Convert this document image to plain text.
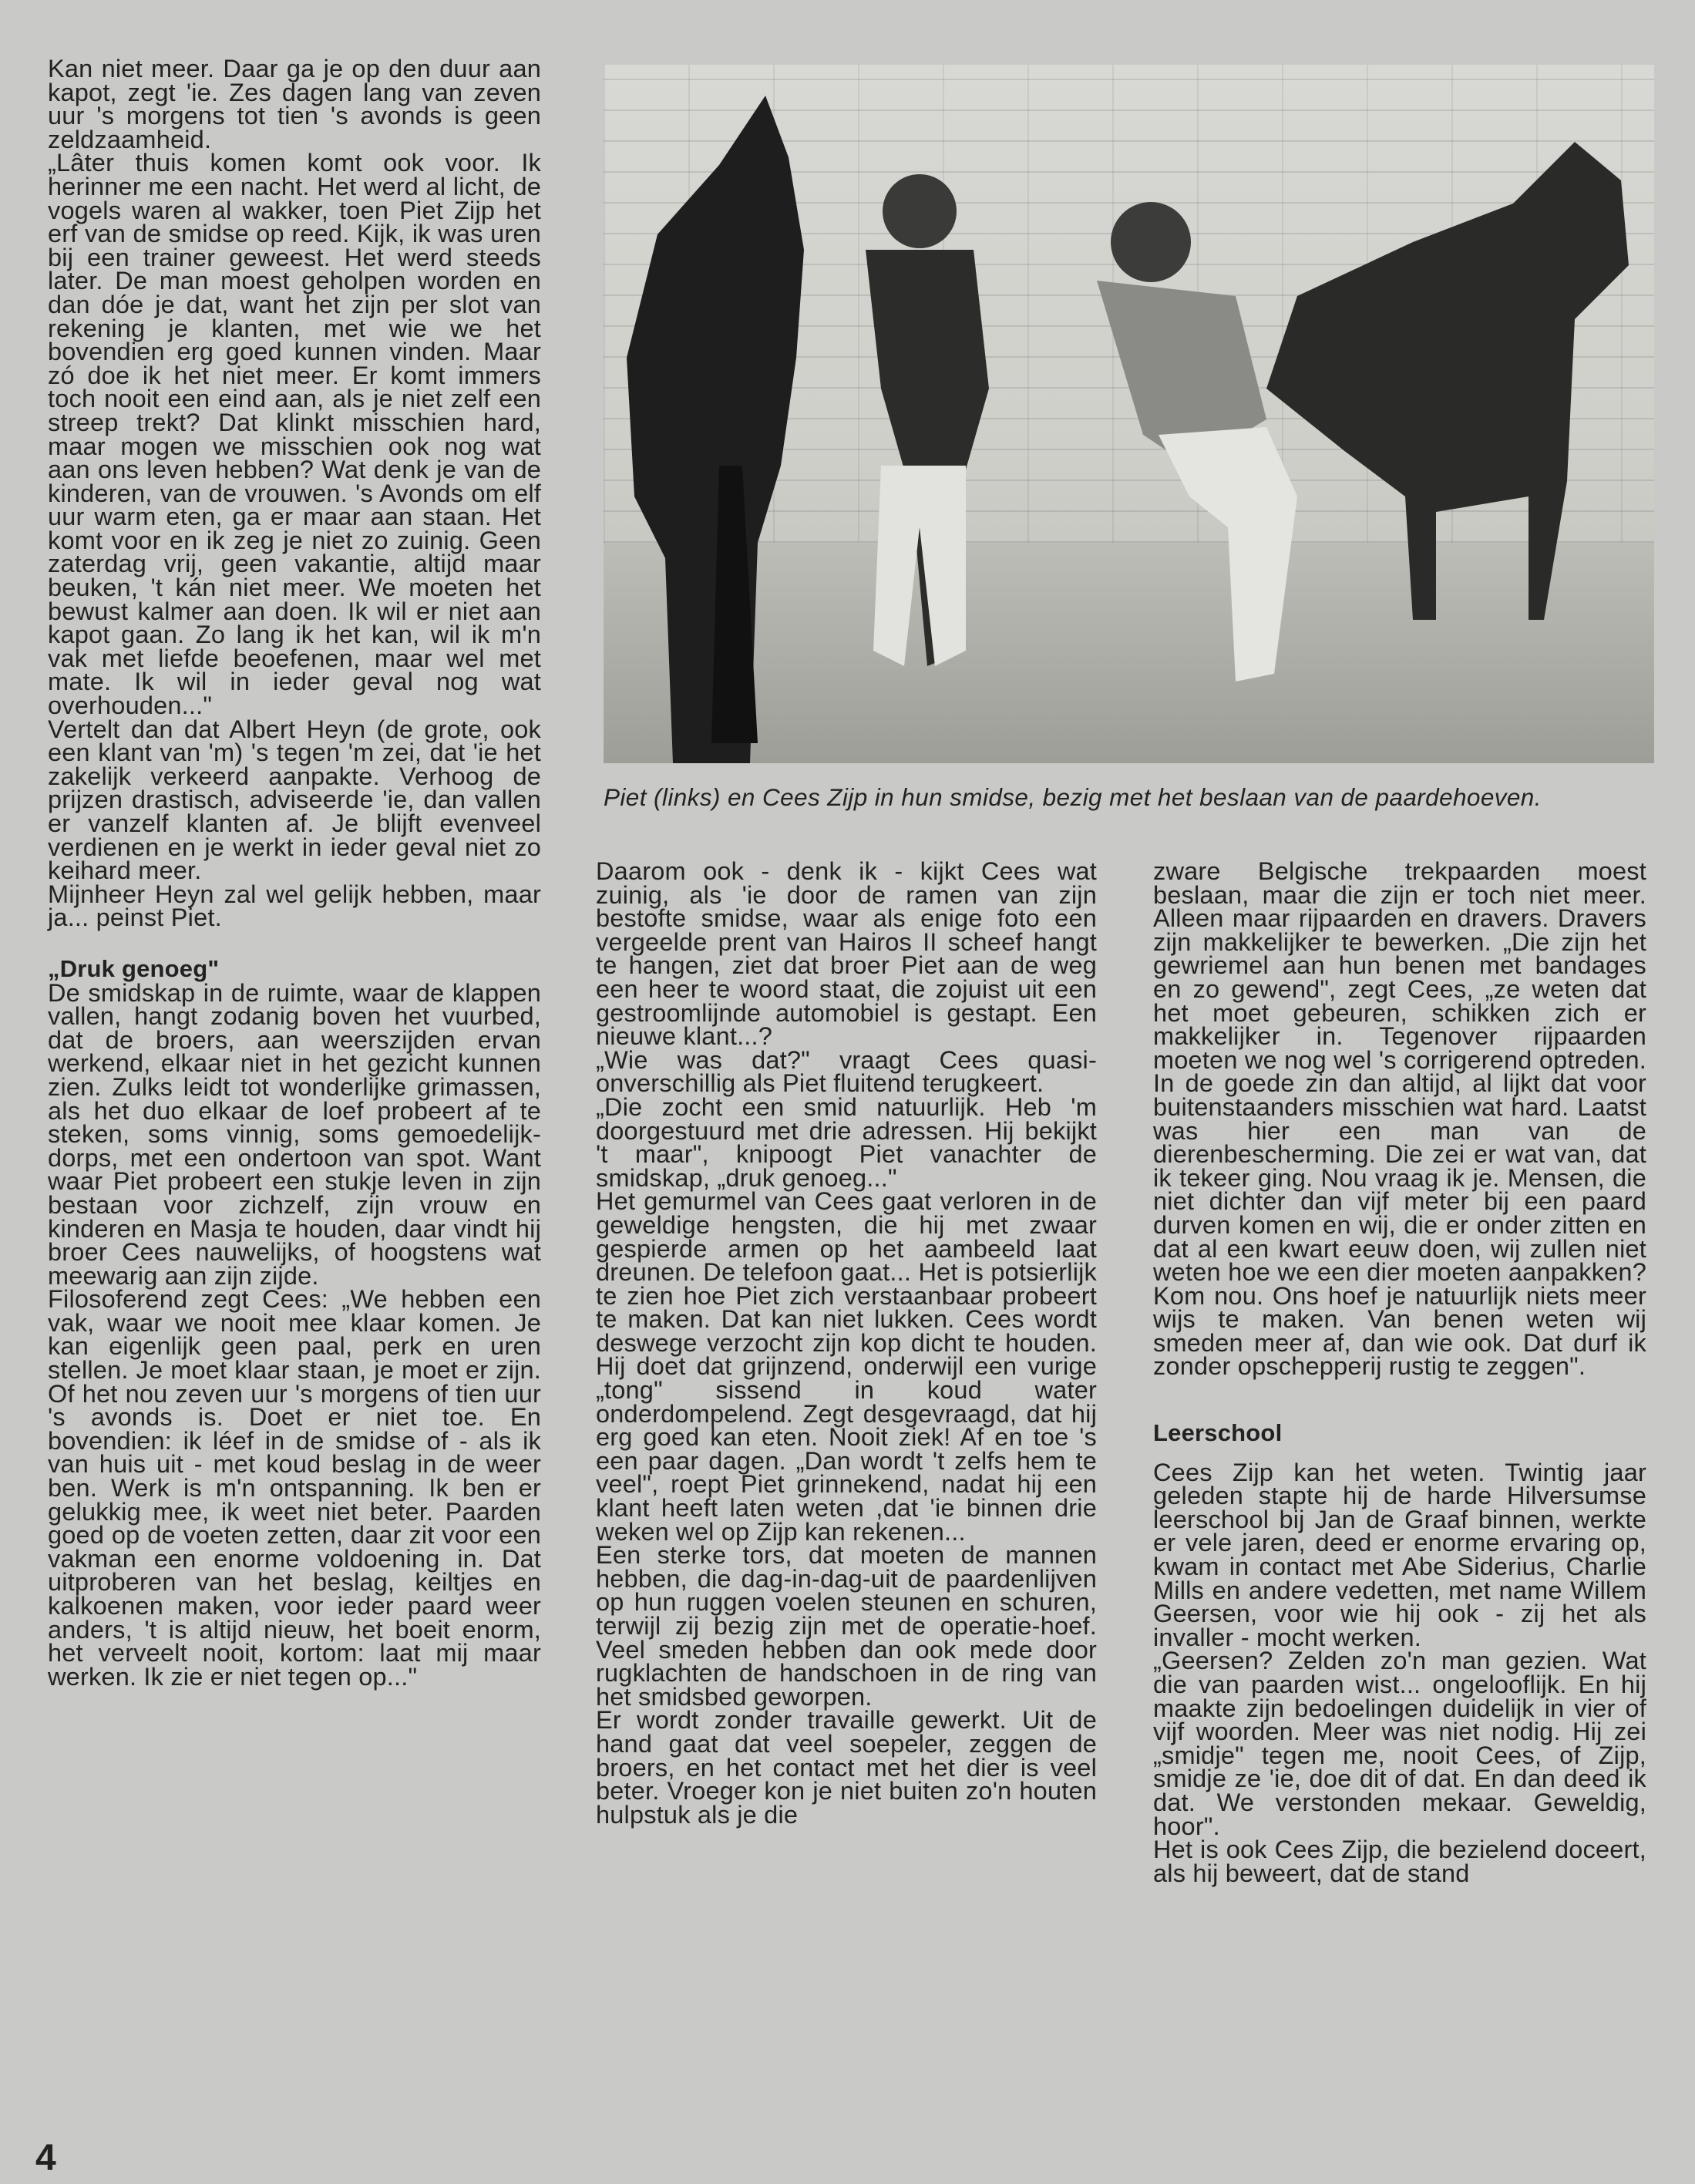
Kan niet meer. Daar ga je op den duur aan kapot, zegt 'ie. Zes dagen lang van zeven uur 's morgens tot tien 's avonds is geen zeldzaamheid.

„Lâter thuis komen komt ook voor. Ik herinner me een nacht. Het werd al licht, de vogels waren al wakker, toen Piet Zijp het erf van de smidse op reed. Kijk, ik was uren bij een trainer geweest. Het werd steeds later. De man moest geholpen worden en dan dóe je dat, want het zijn per slot van rekening je klanten, met wie we het bovendien erg goed kunnen vinden. Maar zó doe ik het niet meer. Er komt immers toch nooit een eind aan, als je niet zelf een streep trekt? Dat klinkt misschien hard, maar mogen we misschien ook nog wat aan ons leven hebben? Wat denk je van de kinderen, van de vrouwen. 's Avonds om elf uur warm eten, ga er maar aan staan. Het komt voor en ik zeg je niet zo zuinig. Geen zaterdag vrij, geen vakantie, altijd maar beuken, 't kán niet meer. We moeten het bewust kalmer aan doen. Ik wil er niet aan kapot gaan. Zo lang ik het kan, wil ik m'n vak met liefde beoefenen, maar wel met mate. Ik wil in ieder geval nog wat overhouden..."

Vertelt dan dat Albert Heyn (de grote, ook een klant van 'm) 's tegen 'm zei, dat 'ie het zakelijk verkeerd aanpakte. Verhoog de prijzen drastisch, adviseerde 'ie, dan vallen er vanzelf klanten af. Je blijft evenveel verdienen en je werkt in ieder geval niet zo keihard meer.

Mijnheer Heyn zal wel gelijk hebben, maar ja... peinst Piet.

„Druk genoeg"

De smidskap in de ruimte, waar de klappen vallen, hangt zodanig boven het vuurbed, dat de broers, aan weerszijden ervan werkend, elkaar niet in het gezicht kunnen zien. Zulks leidt tot wonderlijke grimassen, als het duo elkaar de loef probeert af te steken, soms vinnig, soms gemoedelijk-dorps, met een ondertoon van spot. Want waar Piet probeert een stukje leven in zijn bestaan voor zichzelf, zijn vrouw en kinderen en Masja te houden, daar vindt hij broer Cees nauwelijks, of hoogstens wat meewarig aan zijn zijde.

Filosoferend zegt Cees: „We hebben een vak, waar we nooit mee klaar komen. Je kan eigenlijk geen paal, perk en uren stellen. Je moet klaar staan, je moet er zijn. Of het nou zeven uur 's morgens of tien uur 's avonds is. Doet er niet toe. En bovendien: ik léef in de smidse of - als ik van huis uit - met koud beslag in de weer ben. Werk is m'n ontspanning. Ik ben er gelukkig mee, ik weet niet beter. Paarden goed op de voeten zetten, daar zit voor een vakman een enorme voldoening in. Dat uitproberen van het beslag, keiltjes en kalkoenen maken, voor ieder paard weer anders, 't is altijd nieuw, het boeit enorm, het verveelt nooit, kortom: laat mij maar werken. Ik zie er niet tegen op..."

Piet (links) en Cees Zijp in hun smidse, bezig met het beslaan van de paardehoeven.

Daarom ook - denk ik - kijkt Cees wat zuinig, als 'ie door de ramen van zijn bestofte smidse, waar als enige foto een vergeelde prent van Hairos II scheef hangt te hangen, ziet dat broer Piet aan de weg een heer te woord staat, die zojuist uit een gestroomlijnde automobiel is gestapt. Een nieuwe klant...?

„Wie was dat?" vraagt Cees quasi-onverschillig als Piet fluitend terugkeert.

„Die zocht een smid natuurlijk. Heb 'm doorgestuurd met drie adressen. Hij bekijkt 't maar", knipoogt Piet vanachter de smidskap, „druk genoeg..."

Het gemurmel van Cees gaat verloren in de geweldige hengsten, die hij met zwaar gespierde armen op het aambeeld laat dreunen. De telefoon gaat... Het is potsierlijk te zien hoe Piet zich verstaanbaar probeert te maken. Dat kan niet lukken. Cees wordt deswege verzocht zijn kop dicht te houden. Hij doet dat grijnzend, onderwijl een vurige „tong" sissend in koud water onderdompelend. Zegt desgevraagd, dat hij erg goed kan eten. Nooit ziek! Af en toe 's een paar dagen. „Dan wordt 't zelfs hem te veel", roept Piet grinnekend, nadat hij een klant heeft laten weten ,dat 'ie binnen drie weken wel op Zijp kan rekenen...

Een sterke tors, dat moeten de mannen hebben, die dag-in-dag-uit de paardenlijven op hun ruggen voelen steunen en schuren, terwijl zij bezig zijn met de operatie-hoef. Veel smeden hebben dan ook mede door rugklachten de handschoen in de ring van het smidsbed geworpen.

Er wordt zonder travaille gewerkt. Uit de hand gaat dat veel soepeler, zeggen de broers, en het contact met het dier is veel beter. Vroeger kon je niet buiten zo'n houten hulpstuk als je die

zware Belgische trekpaarden moest beslaan, maar die zijn er toch niet meer. Alleen maar rijpaarden en dravers. Dravers zijn makkelijker te bewerken. „Die zijn het gewriemel aan hun benen met bandages en zo gewend", zegt Cees, „ze weten dat het moet gebeuren, schikken zich er makkelijker in. Tegenover rijpaarden moeten we nog wel 's corrigerend optreden. In de goede zin dan altijd, al lijkt dat voor buitenstaanders misschien wat hard. Laatst was hier een man van de dierenbescherming. Die zei er wat van, dat ik tekeer ging. Nou vraag ik je. Mensen, die niet dichter dan vijf meter bij een paard durven komen en wij, die er onder zitten en dat al een kwart eeuw doen, wij zullen niet weten hoe we een dier moeten aanpakken? Kom nou. Ons hoef je natuurlijk niets meer wijs te maken. Van benen weten wij smeden meer af, dan wie ook. Dat durf ik zonder opschepperij rustig te zeggen".

Leerschool

Cees Zijp kan het weten. Twintig jaar geleden stapte hij de harde Hilversumse leerschool bij Jan de Graaf binnen, werkte er vele jaren, deed er enorme ervaring op, kwam in contact met Abe Siderius, Charlie Mills en andere vedetten, met name Willem Geersen, voor wie hij ook - zij het als invaller - mocht werken.

„Geersen? Zelden zo'n man gezien. Wat die van paarden wist... ongelooflijk. En hij maakte zijn bedoelingen duidelijk in vier of vijf woorden. Meer was niet nodig. Hij zei „smidje" tegen me, nooit Cees, of Zijp, smidje ze 'ie, doe dit of dat. En dan deed ik dat. We verstonden mekaar. Geweldig, hoor".

Het is ook Cees Zijp, die bezielend doceert, als hij beweert, dat de stand

4
